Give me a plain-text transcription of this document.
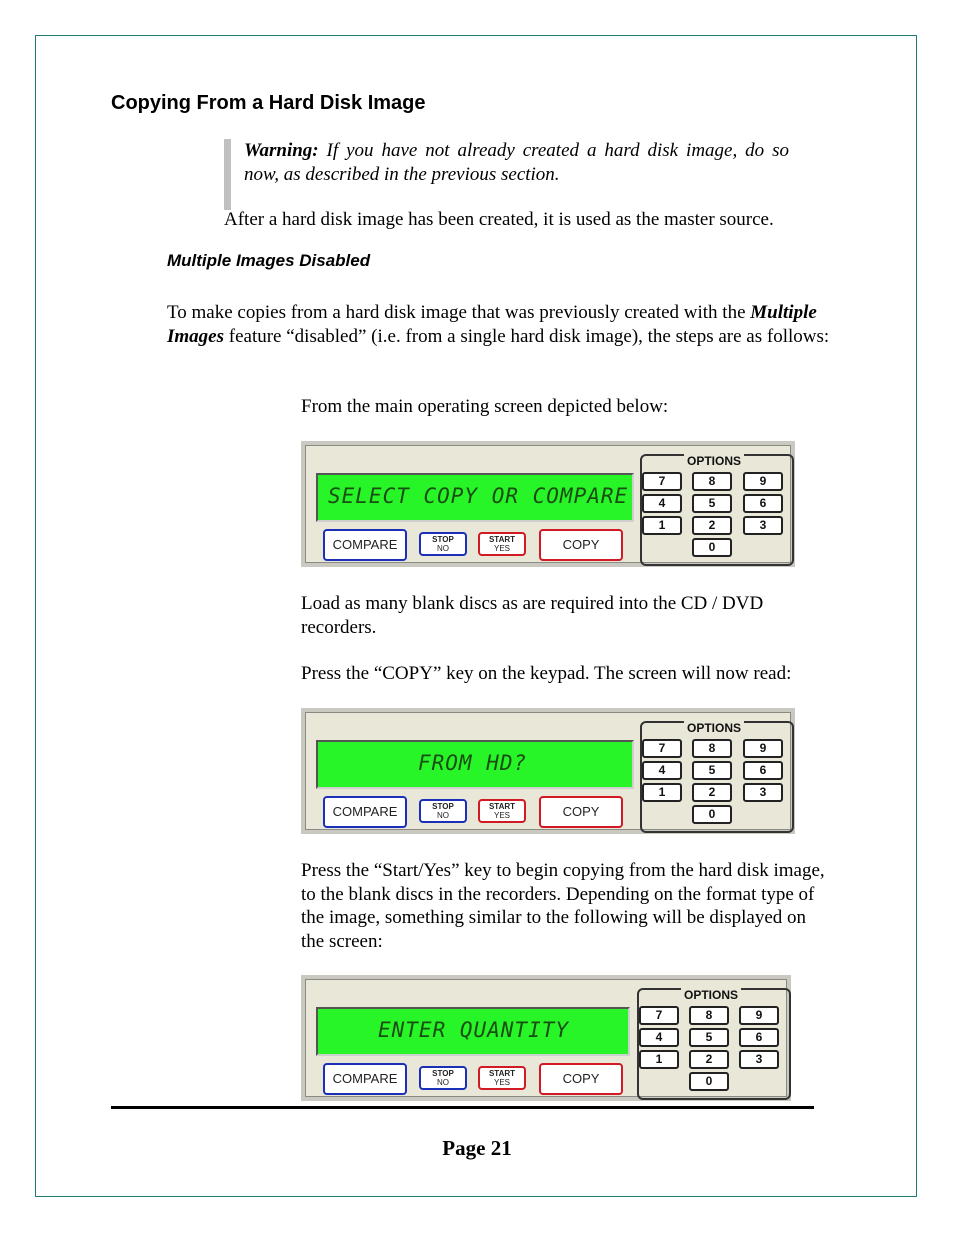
Copying From a Hard Disk Image
Warning: If you have not already created a hard disk image, do so now, as described in the previous section.
After a hard disk image has been created, it is used as the master source.
Multiple Images Disabled
To make copies from a hard disk image that was previously created with the Multiple Images feature “disabled” (i.e. from a single hard disk image), the steps are as follows:
From the main operating screen depicted below:
SELECT COPY OR COMPARE
COMPARE	STOP
NO
START
YES	COPY
OPTIONS
7	8	9
4	5	6
1	2	3
0
Load as many blank discs as are required into the CD / DVD recorders.
Press the “COPY” key on the keypad. The screen will now read:
FROM HD?
COMPARE	STOP
NO
START
YES	COPY
OPTIONS
7	8	9
4	5	6
1	2	3
0
Press the “Start/Yes” key to begin copying from the hard disk image, to the blank discs in the recorders. Depending on the format type of the image, something similar to the following will be displayed on the screen:
ENTER QUANTITY
COMPARE	STOP
NO
START
YES	COPY
OPTIONS
7	8	9
4	5	6
1	2	3
0
Page 21
